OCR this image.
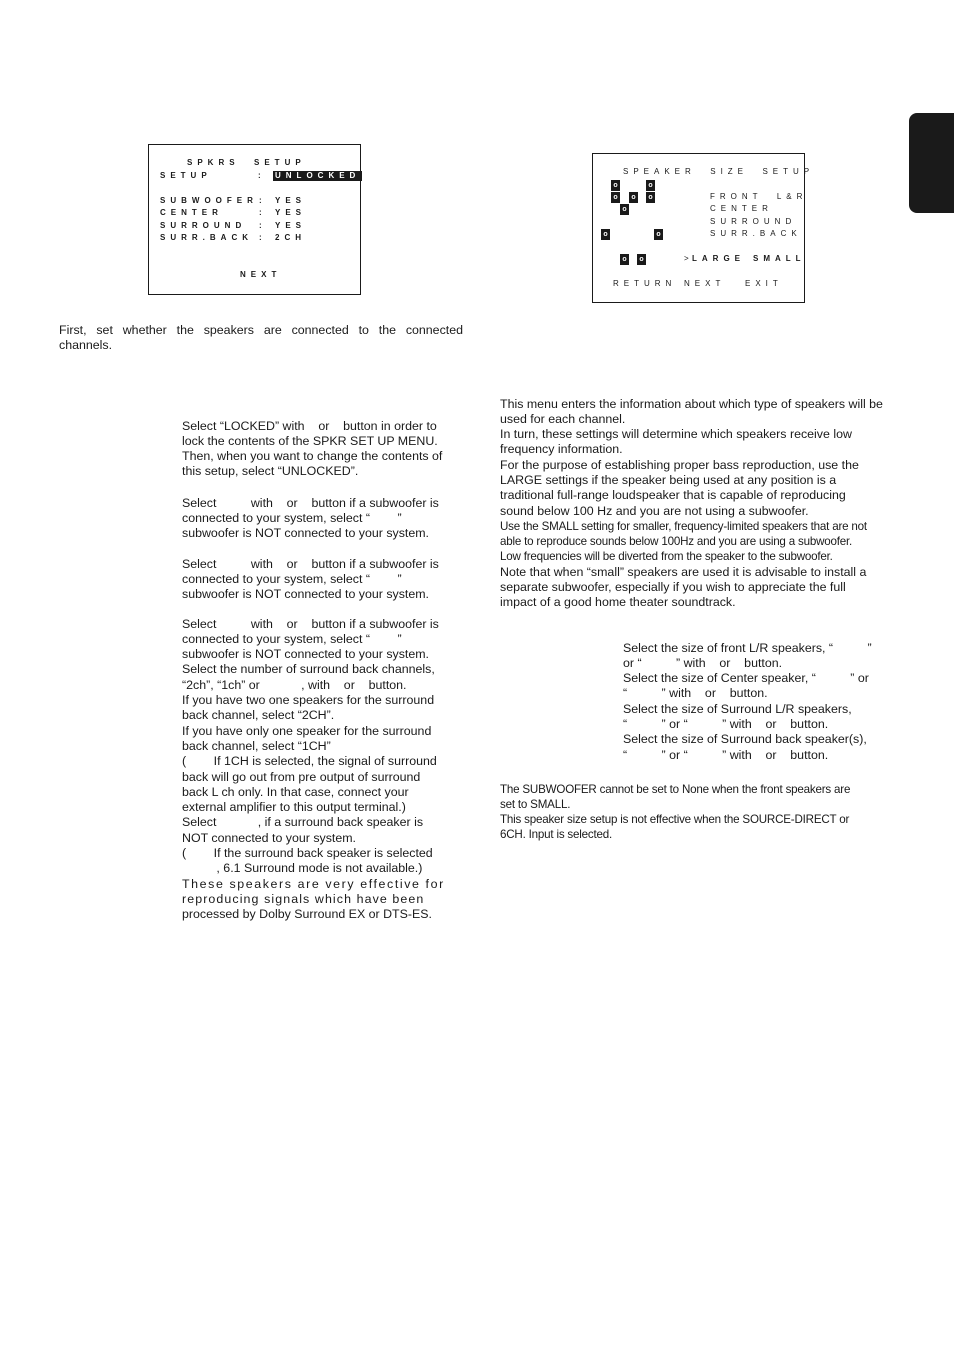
SPKRS  SETUP
SETUP	: UNLOCKED
SUBWOOFER : YES
CENTER	: YES
SURROUND : YES
SURR.BACK : 2CH
NEXT
SPEAKER  SIZE  SETUP
o	o
o	o	o
o
o	o
o	o
FRONT  L&R
CENTER
SURROUND
SURR.BACK
>
LARGE SMALL
RETURN NEXT EXIT
First, set whether the speakers are connected to the connected
channels.

Select “LOCKED” with    or    button in order to
lock the contents of the SPKR SET UP MENU.
Then, when you want to change the contents of
this setup, select “UNLOCKED”.

Select          with    or    button if a subwoofer is
connected to your system, select “        ”
subwoofer is NOT connected to your system.

Select          with    or    button if a subwoofer is
connected to your system, select “        ”
subwoofer is NOT connected to your system.

Select          with    or    button if a subwoofer is
connected to your system, select “        ”
subwoofer is NOT connected to your system.
Select the number of surround back channels,
“2ch”, “1ch” or            , with    or    button.
If you have two one speakers for the surround
back channel, select “2CH”.
If you have only one speaker for the surround
back channel, select “1CH”
(        If 1CH is selected, the signal of surround
back will go out from pre output of surround
back L ch only. In that case, connect your
external amplifier to this output terminal.)
Select            , if a surround back speaker is
NOT connected to your system.
(        If the surround back speaker is selected
, 6.1 Surround mode is not available.)
These speakers are very effective for
reproducing signals which have been
processed by Dolby Surround EX or DTS-ES.

This menu enters the information about which type of speakers will be
used for each channel.
In turn, these settings will determine which speakers receive low
frequency information.
For the purpose of establishing proper bass reproduction, use the
LARGE settings if the speaker being used at any position is a
traditional full-range loudspeaker that is capable of reproducing
sound below 100 Hz and you are not using a subwoofer.

Use the SMALL setting for smaller, frequency-limited speakers that are not
able to reproduce sounds below 100Hz and you are using a subwoofer.
Low frequencies will be diverted from the speaker to the subwoofer.

Note that when “small” speakers are used it is advisable to install a
separate subwoofer, especially if you wish to appreciate the full
impact of a good home theater soundtrack.

Select the size of front L/R speakers, “          ”
or “          ” with    or    button.
Select the size of Center speaker, “          ” or
“          ” with    or    button.
Select the size of Surround L/R speakers,
“          ” or “          ” with    or    button.
Select the size of Surround back speaker(s),
“          ” or “          ” with    or    button.

The SUBWOOFER cannot be set to None when the front speakers are
set to SMALL.
This speaker size setup is not effective when the SOURCE-DIRECT or
6CH. Input is selected.
